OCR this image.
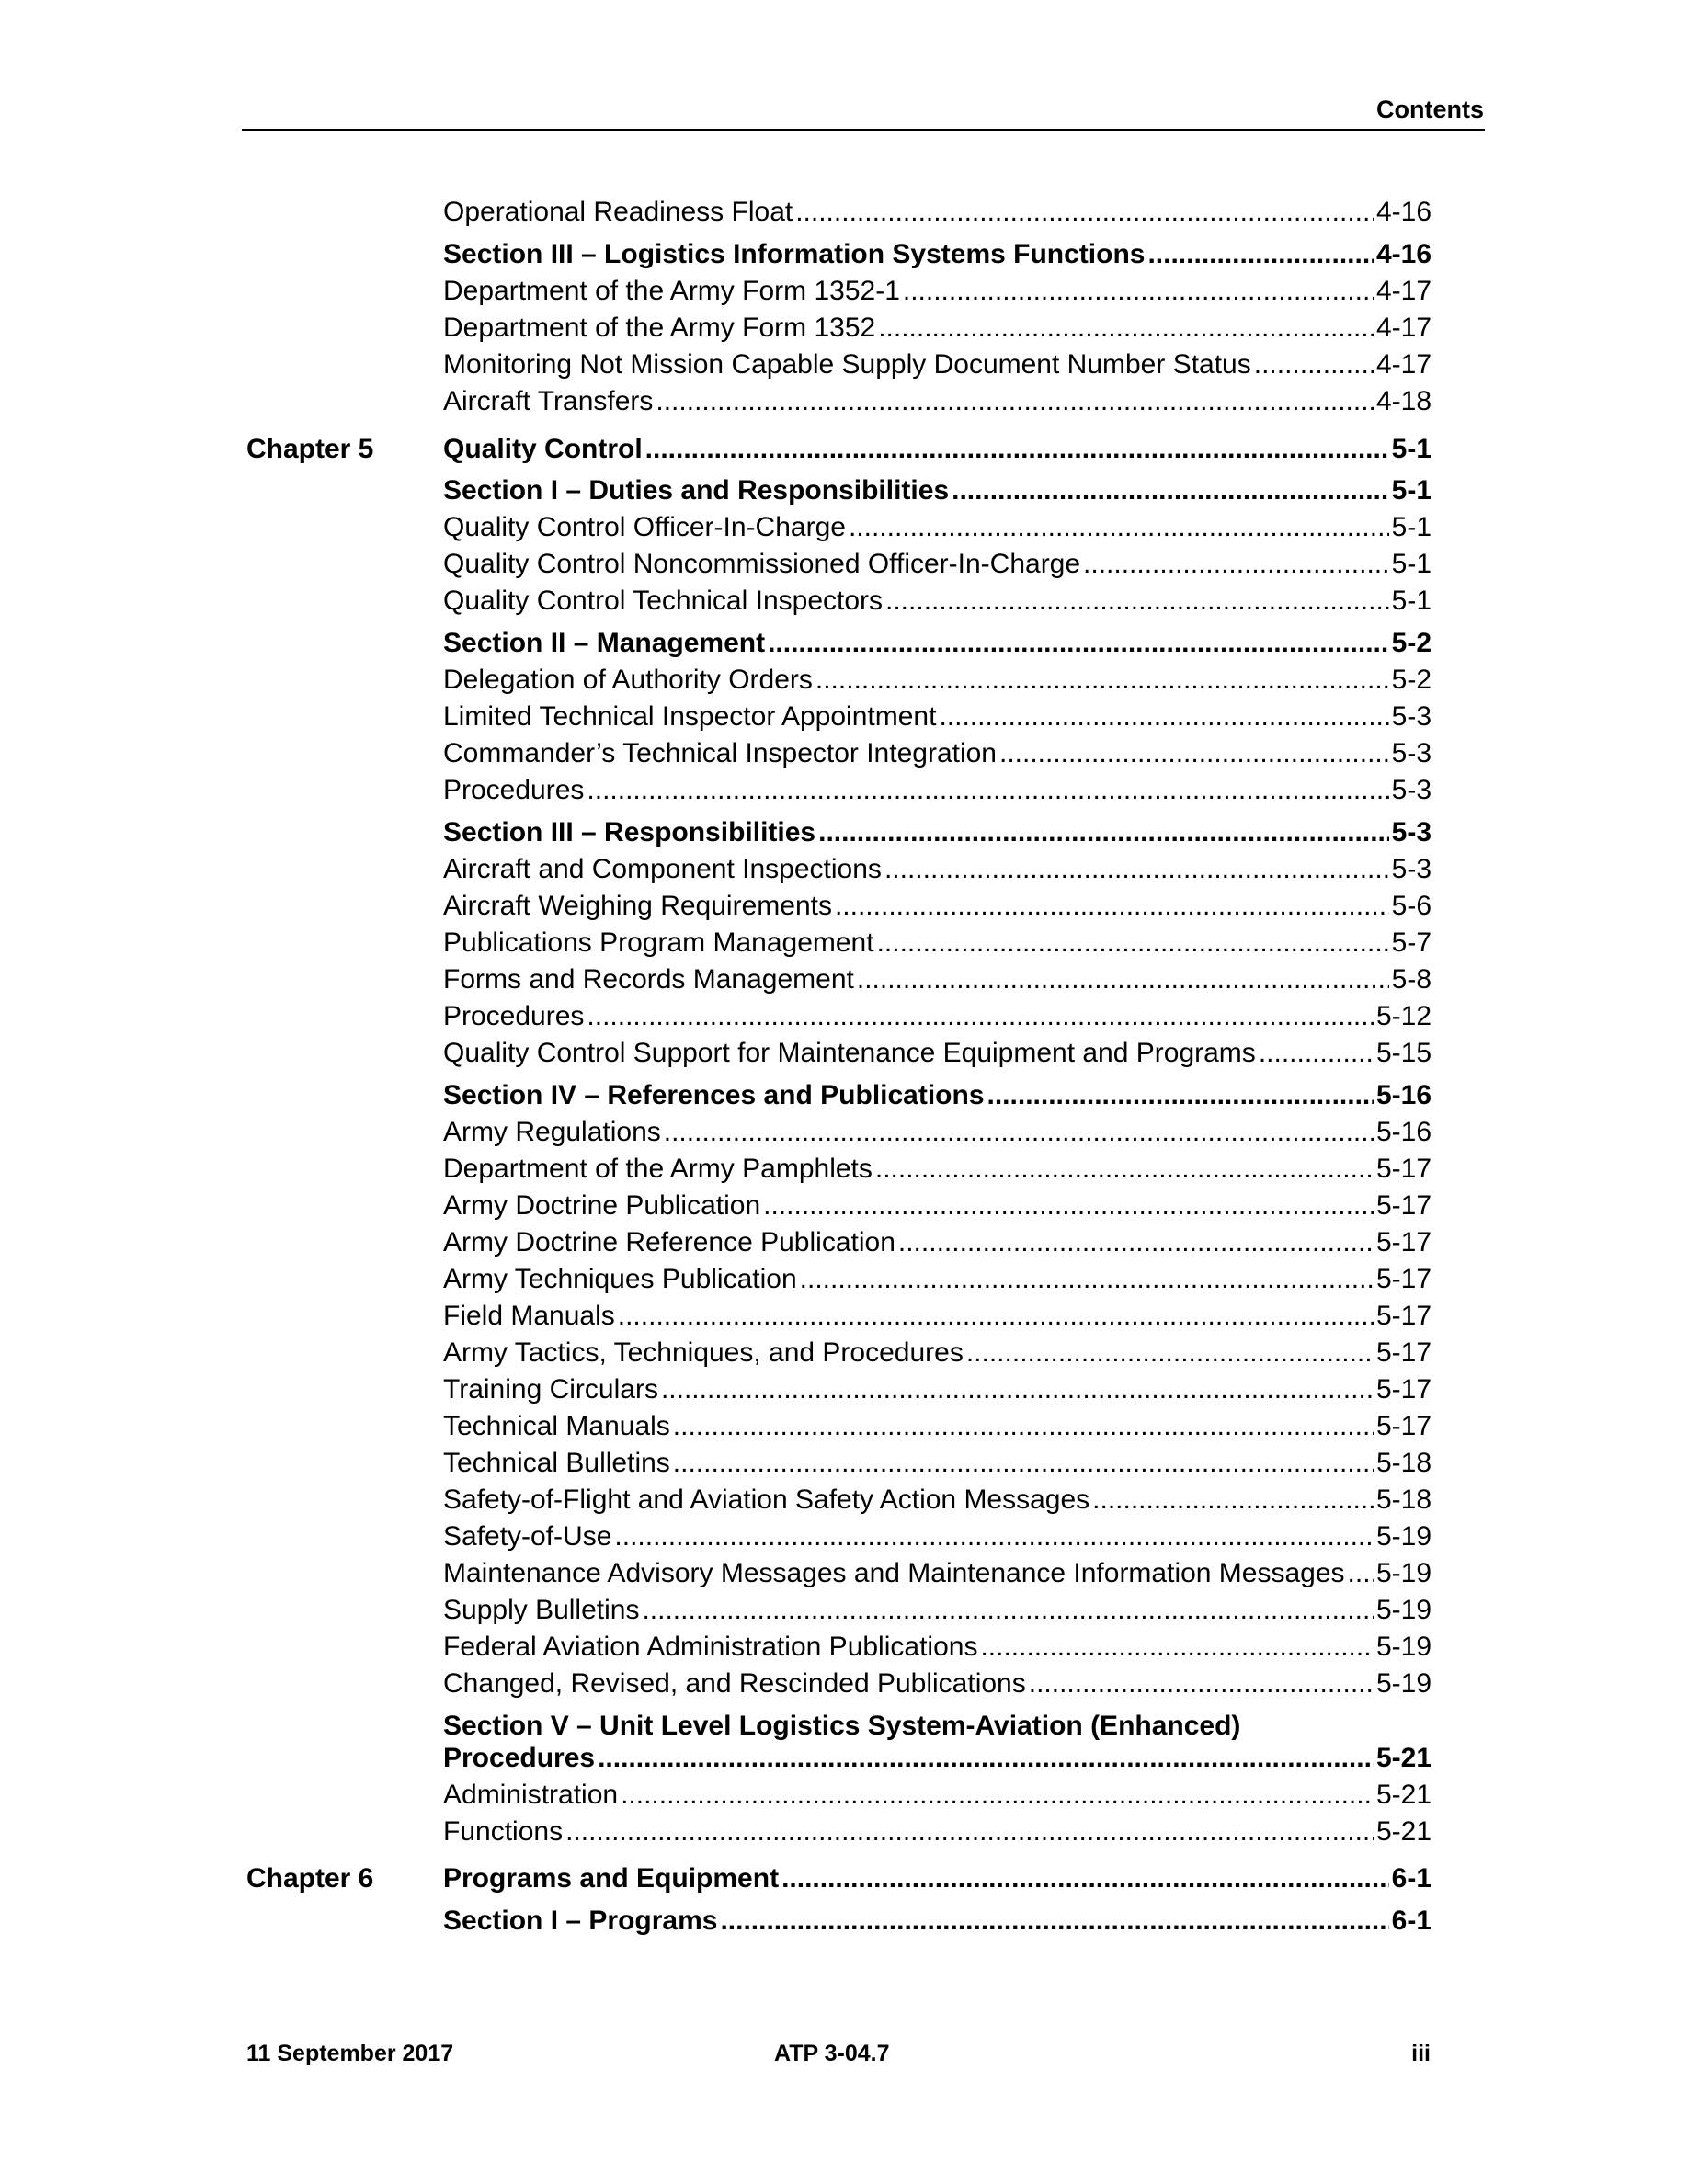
Contents
Operational Readiness Float .....	4-16
Section III – Logistics Information Systems Functions .....	4-16
Department of the Army Form 1352-1 .....	4-17
Department of the Army Form 1352 .....	4-17
Monitoring Not Mission Capable Supply Document Number Status .....	4-17
Aircraft Transfers .....	4-18
Chapter 5	Quality Control .....	5-1
Section I – Duties and Responsibilities .....	5-1
Quality Control Officer-In-Charge .....	5-1
Quality Control Noncommissioned Officer-In-Charge .....	5-1
Quality Control Technical Inspectors .....	5-1
Section II – Management .....	5-2
Delegation of Authority Orders .....	5-2
Limited Technical Inspector Appointment .....	5-3
Commander’s Technical Inspector Integration .....	5-3
Procedures .....	5-3
Section III – Responsibilities .....	5-3
Aircraft and Component Inspections .....	5-3
Aircraft Weighing Requirements .....	5-6
Publications Program Management .....	5-7
Forms and Records Management .....	5-8
Procedures .....	5-12
Quality Control Support for Maintenance Equipment and Programs .....	5-15
Section IV – References and Publications .....	5-16
Army Regulations .....	5-16
Department of the Army Pamphlets .....	5-17
Army Doctrine Publication .....	5-17
Army Doctrine Reference Publication .....	5-17
Army Techniques Publication .....	5-17
Field Manuals .....	5-17
Army Tactics, Techniques, and Procedures .....	5-17
Training Circulars .....	5-17
Technical Manuals .....	5-17
Technical Bulletins .....	5-18
Safety-of-Flight and Aviation Safety Action Messages .....	5-18
Safety-of-Use .....	5-19
Maintenance Advisory Messages and Maintenance Information Messages ..... 5-19
Supply Bulletins .....	5-19
Federal Aviation Administration Publications .....	5-19
Changed, Revised, and Rescinded Publications .....	5-19
Section V – Unit Level Logistics System-Aviation (Enhanced)
Procedures .....	5-21
Administration .....	5-21
Functions .....	5-21
Chapter 6	Programs and Equipment .....	6-1
Section I – Programs .....	6-1
11 September 2017	ATP 3-04.7	iii
